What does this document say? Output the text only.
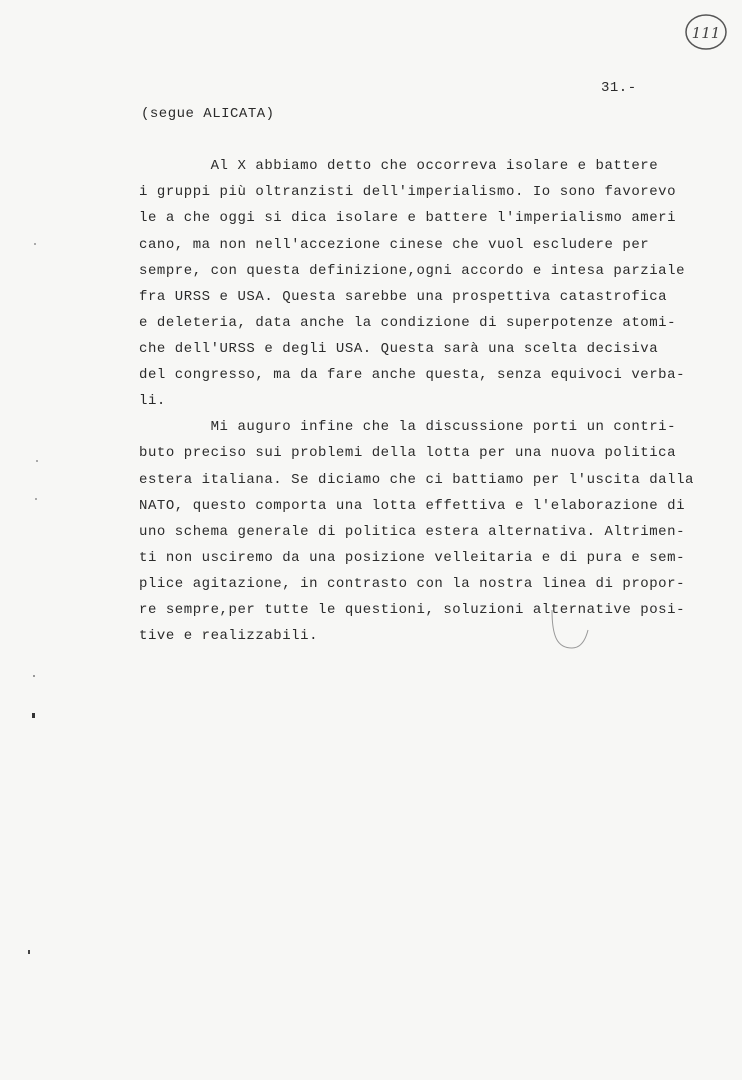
111
31.-
(segue ALICATA)
Al X abbiamo detto che occorreva isolare e battere
i gruppi più oltranzisti dell'imperialismo. Io sono favorevo
le a che oggi si dica isolare e battere l'imperialismo ameri
cano, ma non nell'accezione cinese che vuol escludere per
sempre, con questa definizione,ogni accordo e intesa parziale
fra URSS e USA. Questa sarebbe una prospettiva catastrofica
e deleteria, data anche la condizione di superpotenze atomi-
che dell'URSS e degli USA. Questa sarà una scelta decisiva
del congresso, ma da fare anche questa, senza equivoci verba-
li.
Mi auguro infine che la discussione porti un contri-
buto preciso sui problemi della lotta per una nuova politica
estera italiana. Se diciamo che ci battiamo per l'uscita dalla
NATO, questo comporta una lotta effettiva e l'elaborazione di
uno schema generale di politica estera alternativa. Altrimen-
ti non usciremo da una posizione velleitaria e di pura e sem-
plice agitazione, in contrasto con la nostra linea di propor-
re sempre,per tutte le questioni, soluzioni alternative posi-
tive e realizzabili.
